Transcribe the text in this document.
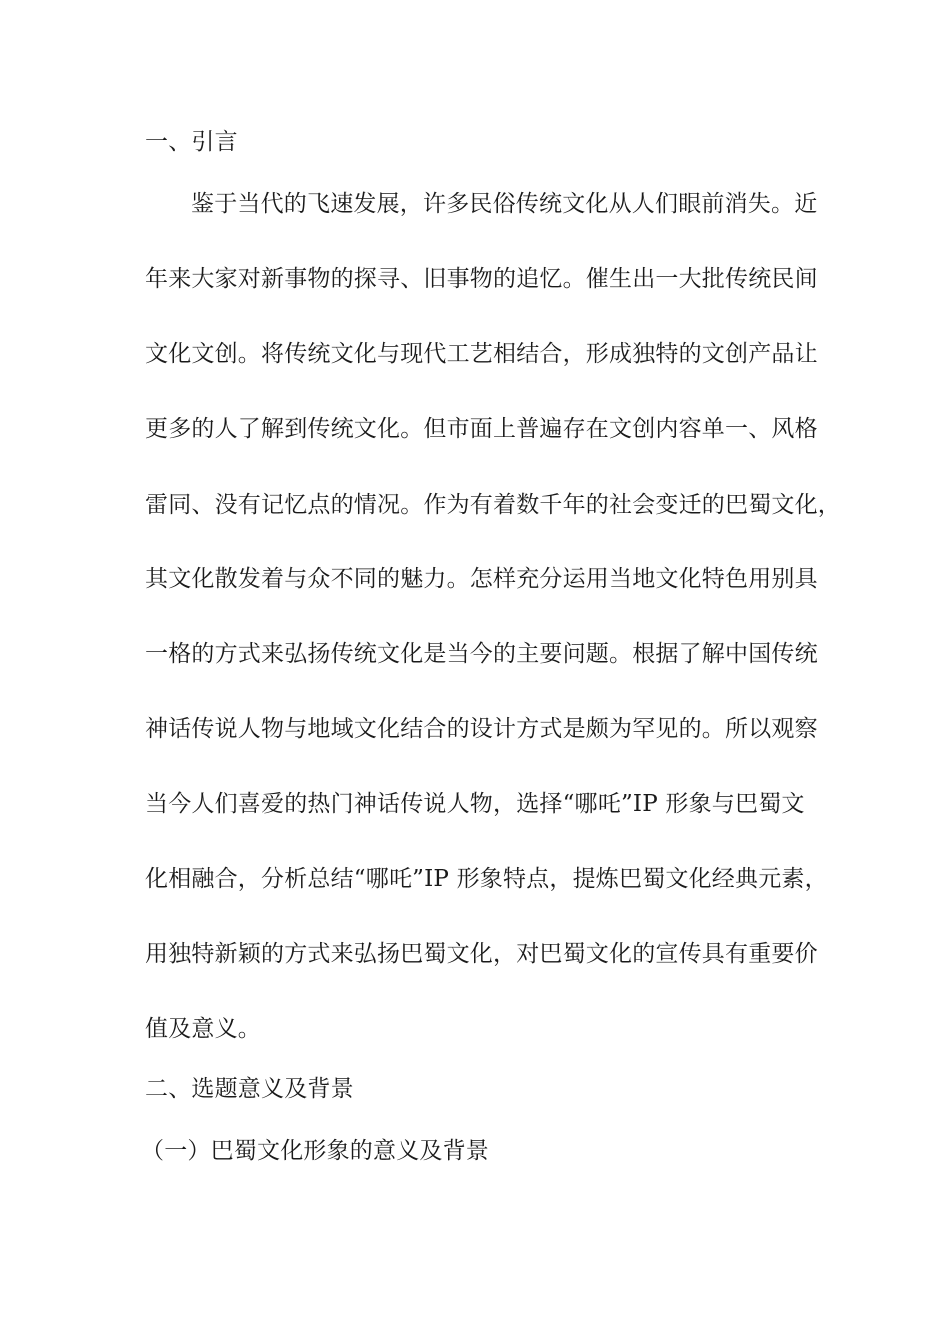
一、引言
鉴于当代的飞速发展，许多民俗传统文化从人们眼前消失。近
年来大家对新事物的探寻、旧事物的追忆。催生出一大批传统民间
文化文创。将传统文化与现代工艺相结合，形成独特的文创产品让
更多的人了解到传统文化。但市面上普遍存在文创内容单一、风格
雷同、没有记忆点的情况。作为有着数千年的社会变迁的巴蜀文化，
其文化散发着与众不同的魅力。怎样充分运用当地文化特色用别具
一格的方式来弘扬传统文化是当今的主要问题。根据了解中国传统
神话传说人物与地域文化结合的设计方式是颇为罕见的。所以观察
当今人们喜爱的热门神话传说人物，选择“哪吒”IP 形象与巴蜀文
化相融合，分析总结“哪吒”IP 形象特点，提炼巴蜀文化经典元素，
用独特新颖的方式来弘扬巴蜀文化，对巴蜀文化的宣传具有重要价
值及意义。
二、选题意义及背景
（一）巴蜀文化形象的意义及背景
